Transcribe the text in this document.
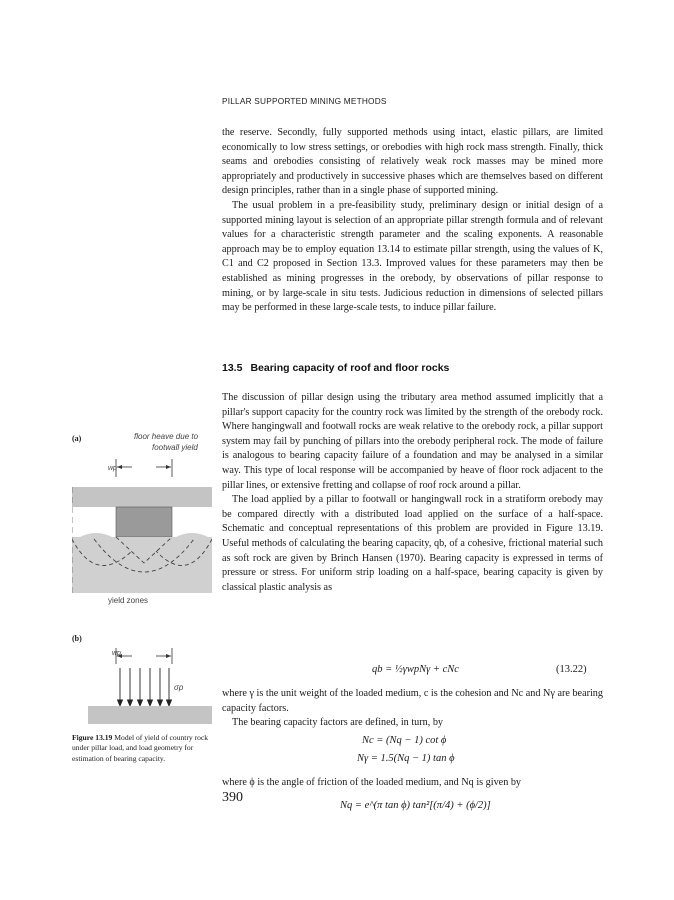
PILLAR SUPPORTED MINING METHODS

the reserve. Secondly, fully supported methods using intact, elastic pillars, are limited economically to low stress settings, or orebodies with high rock mass strength. Finally, thick seams and orebodies consisting of relatively weak rock masses may be mined more appropriately and productively in successive phases which are themselves based on different design principles, rather than in a single phase of supported mining.

The usual problem in a pre-feasibility study, preliminary design or initial design of a supported mining layout is selection of an appropriate pillar strength formula and of relevant values for a characteristic strength parameter and the scaling exponents. A reasonable approach may be to employ equation 13.14 to estimate pillar strength, using the values of K, C1 and C2 proposed in Section 13.3. Improved values for these parameters may then be established as mining progresses in the orebody, by observations of pillar response to mining, or by large-scale in situ tests. Judicious reduction in dimensions of selected pillars may be performed in these large-scale tests, to induce pillar failure.

13.5 Bearing capacity of roof and floor rocks

The discussion of pillar design using the tributary area method assumed implicitly that a pillar's support capacity for the country rock was limited by the strength of the orebody rock. Where hangingwall and footwall rocks are weak relative to the orebody rock, a pillar support system may fail by punching of pillars into the orebody peripheral rock. The mode of failure is analogous to bearing capacity failure of a foundation and may be analysed in a similar way. This type of local response will be accompanied by heave of floor rock adjacent to the pillar lines, or extensive fretting and collapse of roof rock around a pillar.

The load applied by a pillar to footwall or hangingwall rock in a stratiform orebody may be compared directly with a distributed load applied on the surface of a half-space. Schematic and conceptual representations of this problem are provided in Figure 13.19. Useful methods of calculating the bearing capacity, qb, of a cohesive, frictional material such as soft rock are given by Brinch Hansen (1970). Bearing capacity is expressed in terms of pressure or stress. For uniform strip loading on a half-space, bearing capacity is given by classical plastic analysis as

qb = ½γwpNγ + cNc	(13.22)

where γ is the unit weight of the loaded medium, c is the cohesion and Nc and Nγ are bearing capacity factors.

The bearing capacity factors are defined, in turn, by

Nc = (Nq − 1) cot ϕ
Nγ = 1.5(Nq − 1) tan ϕ

where ϕ is the angle of friction of the loaded medium, and Nq is given by

Nq = e^(π tan ϕ) tan²[(π/4) + (ϕ/2)]
(a)	floor heave due to
footwall yield
wp
yield zones
(b)
wp
σp
Figure 13.19 Model of yield of country rock under pillar load, and load geometry for estimation of bearing capacity.
390
